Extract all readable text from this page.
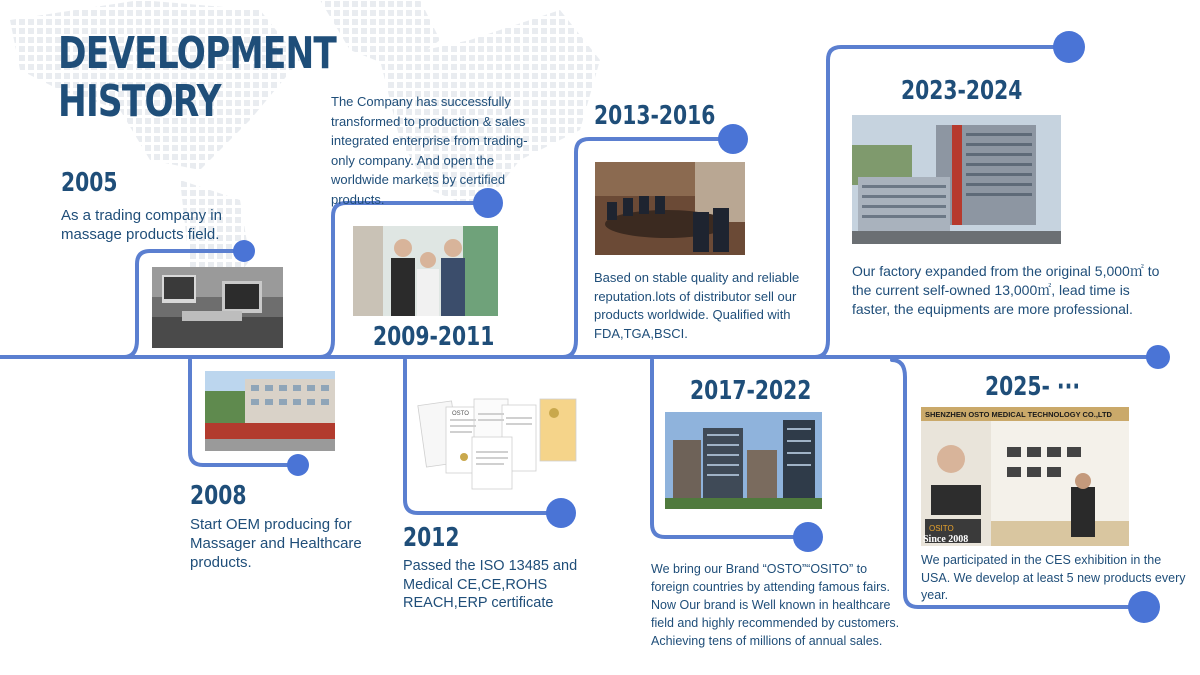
DEVELOPMENT
HISTORY	The Company has successfully transformed to production & sales integrated enterprise from trading-only company. And open the worldwide markets by certified products.
2005
As a trading company in massage products field.
2008
Start OEM producing for Massager and Healthcare products.
2009-2011
OSTO
2012
Passed the ISO 13485 and Medical CE,CE,ROHS REACH,ERP certificate
2013-2016
Based on stable quality and reliable reputation.lots of distributor sell our products worldwide. Qualified with FDA,TGA,BSCI.
2017-2022
We bring our Brand “OSTO”“OSITO” to foreign countries by attending famous fairs. Now Our brand is Well known in healthcare field and highly recommended by customers. Achieving tens of millions of annual sales.
2023-2024
Our factory expanded from the original 5,000㎡ to the current self-owned 13,000㎡, lead time is faster, the equipments are more professional.
2025- ···
SHENZHEN OSTO MEDICAL TECHNOLOGY CO.,LTD
OSITO
Since 2008
We participated in the CES exhibition in the USA. We develop at least 5 new products every year.
